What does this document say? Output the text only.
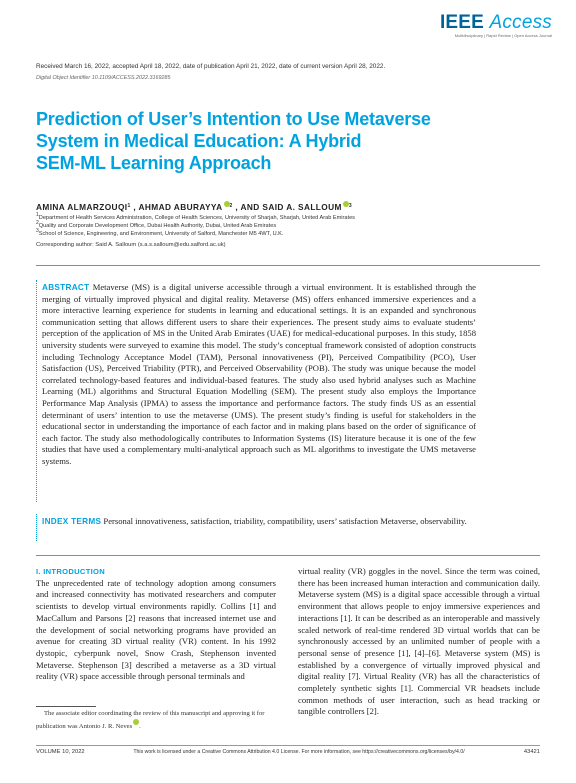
IEEE Access
Multidisciplinary | Rapid Review | Open Access Journal
Received March 16, 2022, accepted April 18, 2022, date of publication April 21, 2022, date of current version April 28, 2022.
Digital Object Identifier 10.1109/ACCESS.2022.3169285
Prediction of User’s Intention to Use Metaverse
System in Medical Education: A Hybrid
SEM-ML Learning Approach
AMINA ALMARZOUQI$^1$ , AHMAD ABURAYYA $^2$ , AND SAID A. SALLOUM $^3$
1Department of Health Services Administration, College of Health Sciences, University of Sharjah, Sharjah, United Arab Emirates
2Quality and Corporate Development Office, Dubai Health Authority, Dubai, United Arab Emirates
3School of Science, Engineering, and Environment, University of Salford, Manchester M5 4WT, U.K.
Corresponding author: Said A. Salloum (s.a.s.salloum@edu.salford.ac.uk)
ABSTRACT Metaverse (MS) is a digital universe accessible through a virtual environment. It is established through the merging of virtually improved physical and digital reality. Metaverse (MS) offers enhanced immersive experiences and a more interactive learning experience for students in learning and educational settings. It is an expanded and synchronous communication setting that allows different users to share their experiences. The present study aims to evaluate students’ perception of the application of MS in the United Arab Emirates (UAE) for medical-educational purposes. In this study, 1858 university students were surveyed to examine this model. The study’s conceptual framework consisted of adoption constructs including Technology Acceptance Model (TAM), Personal innovativeness (PI), Perceived Compatibility (PCO), User Satisfaction (US), Perceived Triability (PTR), and Perceived Observability (POB). The study was unique because the model correlated technology-based features and individual-based features. The study also used hybrid analyses such as Machine Learning (ML) algorithms and Structural Equation Modelling (SEM). The present study also employs the Importance Performance Map Analysis (IPMA) to assess the importance and performance factors. The study finds US as an essential determinant of users’ intention to use the metaverse (UMS). The present study’s finding is useful for stakeholders in the educational sector in understanding the importance of each factor and in making plans based on the order of significance of each factor. The study also methodologically contributes to Information Systems (IS) literature because it is one of the few studies that have used a complementary multi-analytical approach such as ML algorithms to investigate the UMS metaverse systems.
INDEX TERMS Personal innovativeness, satisfaction, triability, compatibility, users’ satisfaction Metaverse, observability.
I. INTRODUCTION

The unprecedented rate of technology adoption among consumers and increased connectivity has motivated researchers and computer scientists to develop virtual environments rapidly. Collins [1] and MacCallum and Parsons [2] reasons that increased internet use and the development of social networking programs have provided an avenue for creating 3D virtual reality (VR) content. In his 1992 dystopic, cyberpunk novel, Snow Crash, Stephenson invented Metaverse. Stephenson [3] described a metaverse as a 3D virtual reality (VR) space accessible through personal terminals and

virtual reality (VR) goggles in the novel. Since the term was coined, there has been increased human interaction and communication daily. Metaverse system (MS) is a digital space accessible through a virtual environment that allows people to enjoy immersive experiences and interactions [1]. It can be described as an interoperable and massively scaled network of real-time rendered 3D virtual worlds that can be synchronously accessed by an unlimited number of people with a personal sense of presence [1], [4]–[6]. Metaverse system (MS) is established by a convergence of virtually improved physical and digital reality [7]. Virtual Reality (VR) has all the characteristics of completely synthetic sights [1]. Commercial VR headsets include common methods of user interaction, such as head tracking or tangible controllers [2].

The associate editor coordinating the review of this manuscript and approving it for publication was Antonio J. R. Neves .
VOLUME 10, 2022	This work is licensed under a Creative Commons Attribution 4.0 License. For more information, see https://creativecommons.org/licenses/by/4.0/	43421
